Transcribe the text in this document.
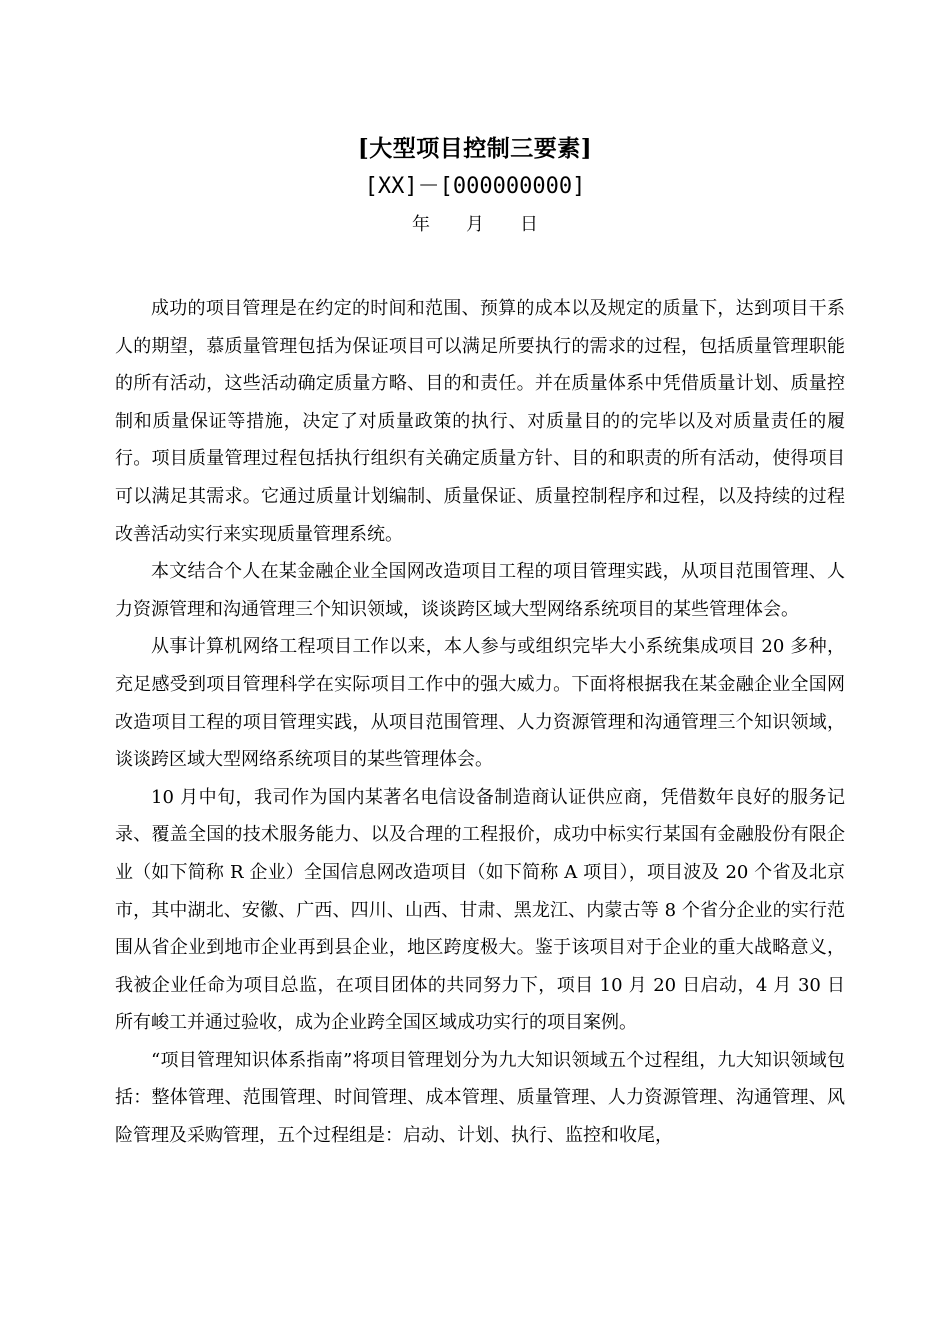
[大型项目控制三要素]
[XX]－[000000000]
年 月 日

成功的项目管理是在约定的时间和范围、预算的成本以及规定的质量下，达到项目干系人的期望，慕质量管理包括为保证项目可以满足所要执行的需求的过程，包括质量管理职能的所有活动，这些活动确定质量方略、目的和责任。并在质量体系中凭借质量计划、质量控制和质量保证等措施，决定了对质量政策的执行、对质量目的的完毕以及对质量责任的履行。项目质量管理过程包括执行组织有关确定质量方针、目的和职责的所有活动，使得项目可以满足其需求。它通过质量计划编制、质量保证、质量控制程序和过程，以及持续的过程改善活动实行来实现质量管理系统。

本文结合个人在某金融企业全国网改造项目工程的项目管理实践，从项目范围管理、人力资源管理和沟通管理三个知识领域，谈谈跨区域大型网络系统项目的某些管理体会。

从事计算机网络工程项目工作以来，本人参与或组织完毕大小系统集成项目 20 多种，充足感受到项目管理科学在实际项目工作中的强大威力。下面将根据我在某金融企业全国网改造项目工程的项目管理实践，从项目范围管理、人力资源管理和沟通管理三个知识领域，谈谈跨区域大型网络系统项目的某些管理体会。

10 月中旬，我司作为国内某著名电信设备制造商认证供应商，凭借数年良好的服务记录、覆盖全国的技术服务能力、以及合理的工程报价，成功中标实行某国有金融股份有限企业（如下简称 R 企业）全国信息网改造项目（如下简称 A 项目），项目波及 20 个省及北京市，其中湖北、安徽、广西、四川、山西、甘肃、黑龙江、内蒙古等 8 个省分企业的实行范围从省企业到地市企业再到县企业，地区跨度极大。鉴于该项目对于企业的重大战略意义，我被企业任命为项目总监，在项目团体的共同努力下，项目 10 月 20 日启动，4 月 30 日所有峻工并通过验收，成为企业跨全国区域成功实行的项目案例。

“项目管理知识体系指南”将项目管理划分为九大知识领域五个过程组，九大知识领域包括：整体管理、范围管理、时间管理、成本管理、质量管理、人力资源管理、沟通管理、风险管理及采购管理，五个过程组是：启动、计划、执行、监控和收尾，
